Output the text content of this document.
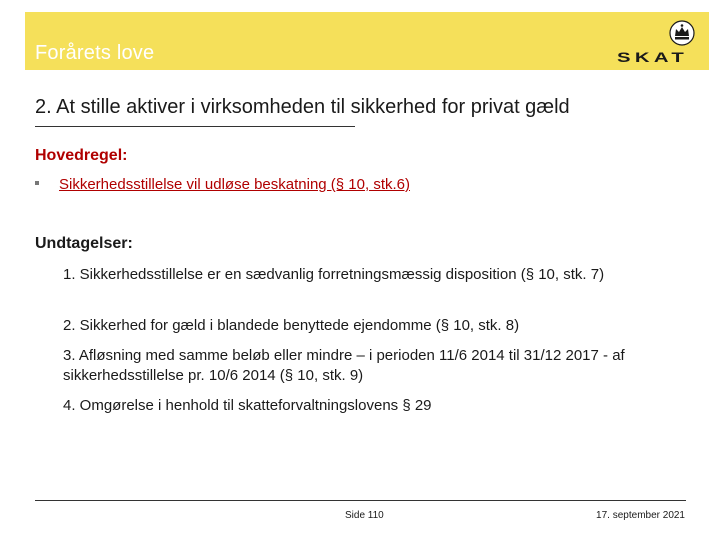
Forårets love	SKAT
2. At stille aktiver i virksomheden til sikkerhed for privat gæld
Hovedregel:
Sikkerhedsstillelse vil udløse beskatning (§ 10, stk.6)
Undtagelser:
1. Sikkerhedsstillelse er en sædvanlig forretningsmæssig disposition (§ 10, stk. 7)
2. Sikkerhed for gæld i blandede benyttede ejendomme (§ 10, stk. 8)
3. Afløsning med samme beløb eller mindre – i perioden 11/6 2014 til 31/12 2017 - af sikkerhedsstillelse pr. 10/6 2014 (§ 10, stk. 9)
4. Omgørelse i henhold til skatteforvaltningslovens § 29
Side 110	17. september 2021
